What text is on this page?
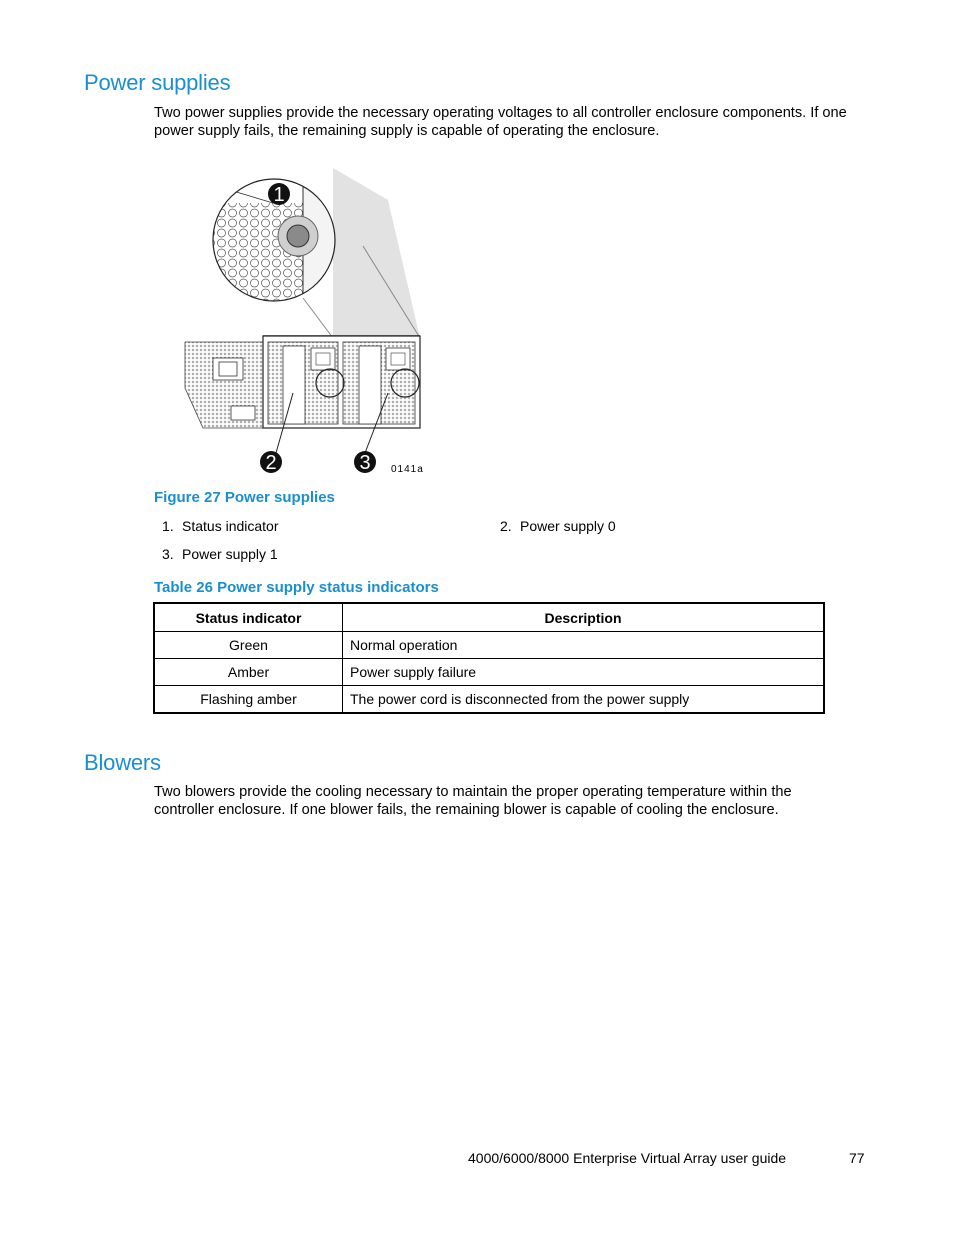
Power supplies

Two power supplies provide the necessary operating voltages to all controller enclosure components. If one power supply fails, the remaining supply is capable of operating the enclosure.

1
2	3 0141a
Figure 27 Power supplies
1. Status indicator	2. Power supply 0
3. Power supply 1
Table 26 Power supply status indicators
Status indicator	Description
Green	Normal operation
Amber	Power supply failure
Flashing amber	The power cord is disconnected from the power supply
Blowers

Two blowers provide the cooling necessary to maintain the proper operating temperature within the controller enclosure. If one blower fails, the remaining blower is capable of cooling the enclosure.

4000/6000/8000 Enterprise Virtual Array user guide	77
